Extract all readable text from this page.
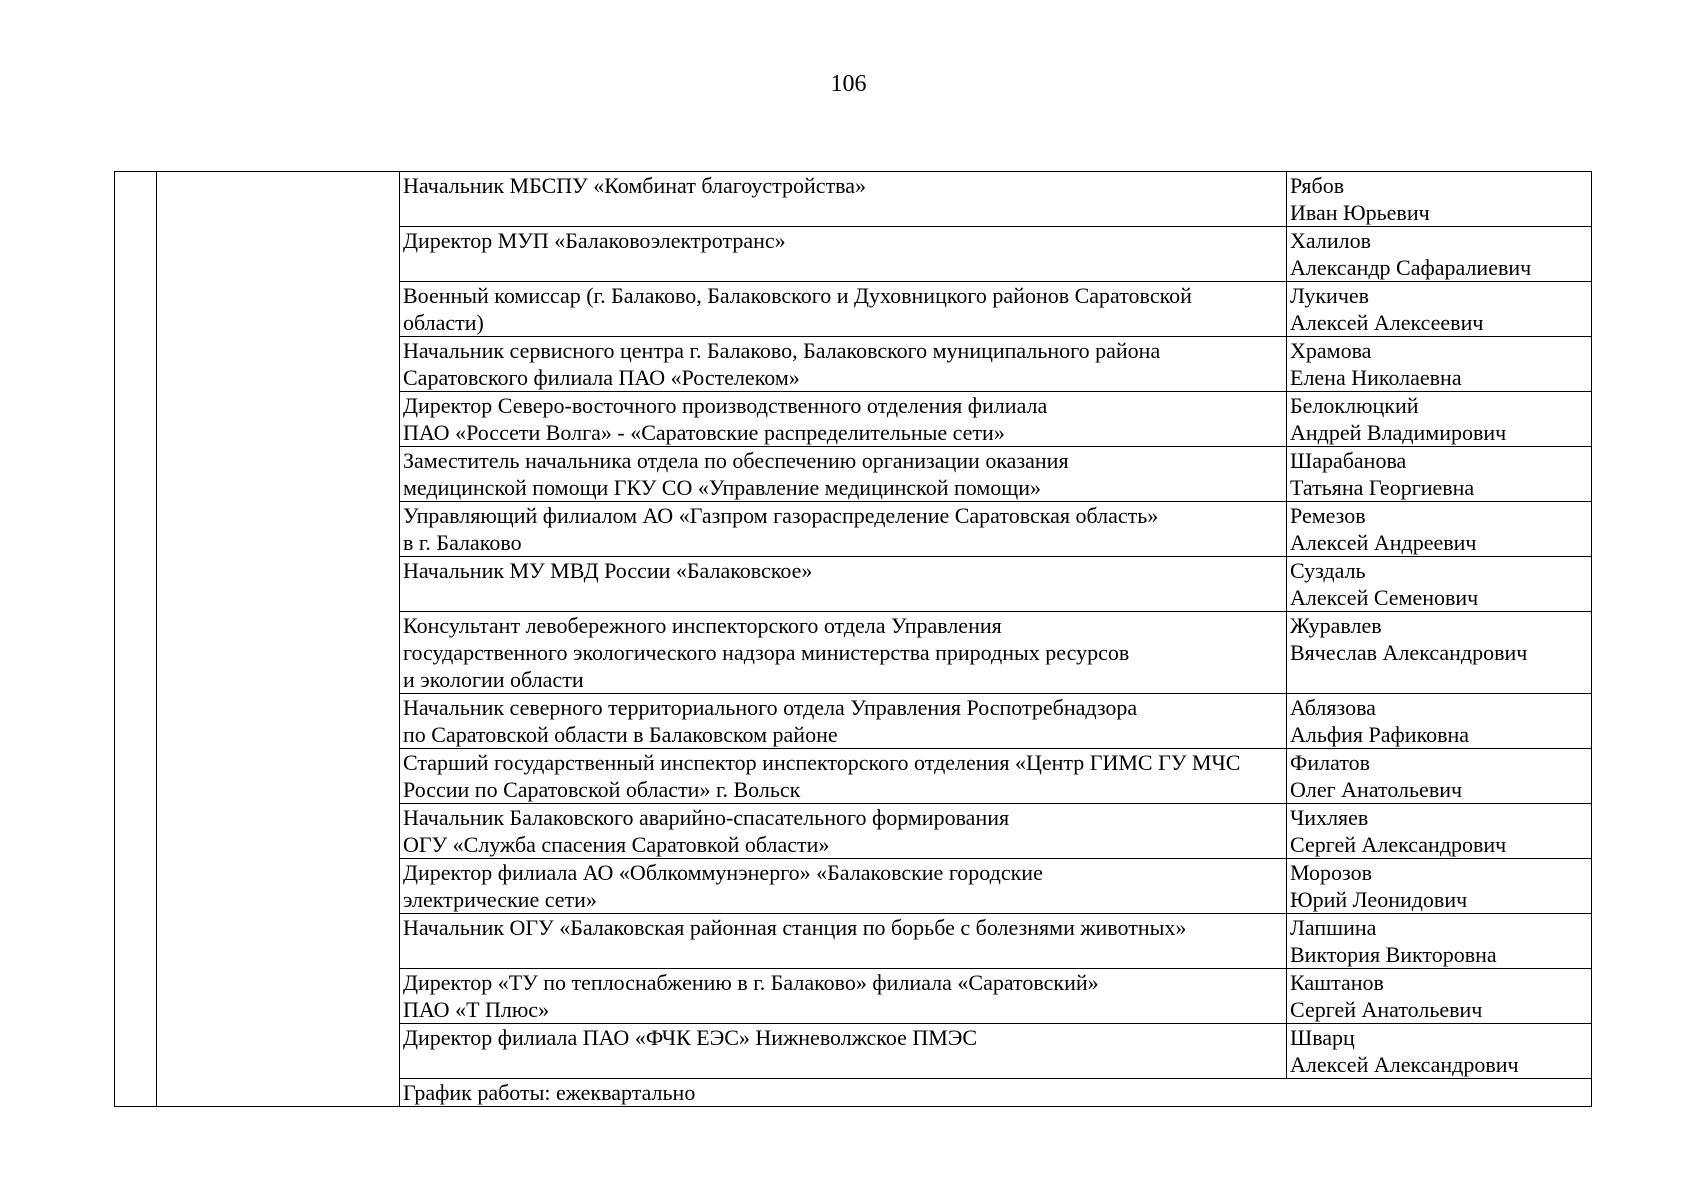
106
		Начальник МБСПУ «Комбинат благоустройства»	Рябов
Иван Юрьевич
		Директор МУП «Балаковоэлектротранс»	Халилов
Александр Сафаралиевич
		Военный комиссар (г. Балаково, Балаковского и Духовницкого районов Саратовской
области)	Лукичев
Алексей Алексеевич
		Начальник сервисного центра г. Балаково, Балаковского муниципального района
Саратовского филиала ПАО «Ростелеком»	Храмова
Елена Николаевна
		Директор Северо-восточного производственного отделения филиала
ПАО «Россети Волга» - «Саратовские распределительные сети»	Белоклюцкий
Андрей Владимирович
		Заместитель начальника отдела по обеспечению организации оказания
медицинской помощи ГКУ СО «Управление медицинской помощи»	Шарабанова
Татьяна Георгиевна
		Управляющий филиалом АО «Газпром газораспределение Саратовская область»
в г. Балаково	Ремезов
Алексей Андреевич
		Начальник МУ МВД России «Балаковское»	Суздаль
Алексей Семенович
		Консультант левобережного инспекторского отдела Управления
государственного экологического надзора министерства природных ресурсов
и экологии области	Журавлев
Вячеслав Александрович
		Начальник северного территориального отдела Управления Роспотребнадзора
по Саратовской области в Балаковском районе	Аблязова
Альфия Рафиковна
		Старший государственный инспектор инспекторского отделения «Центр ГИМС ГУ МЧС
России по Саратовской области» г. Вольск	Филатов
Олег Анатольевич
		Начальник Балаковского аварийно-спасательного формирования
ОГУ «Служба спасения Саратовкой области»	Чихляев
Сергей Александрович
		Директор филиала АО «Облкоммунэнерго» «Балаковские городские
электрические сети»	Морозов
Юрий Леонидович
		Начальник ОГУ «Балаковская районная станция по борьбе с болезнями животных»	Лапшина
Виктория Викторовна
		Директор «ТУ по теплоснабжению в г. Балаково» филиала «Саратовский»
ПАО «Т Плюс»	Каштанов
Сергей Анатольевич
		Директор филиала ПАО «ФЧК ЕЭС» Нижневолжское ПМЭС	Шварц
Алексей Александрович
		График работы: ежеквартально	
